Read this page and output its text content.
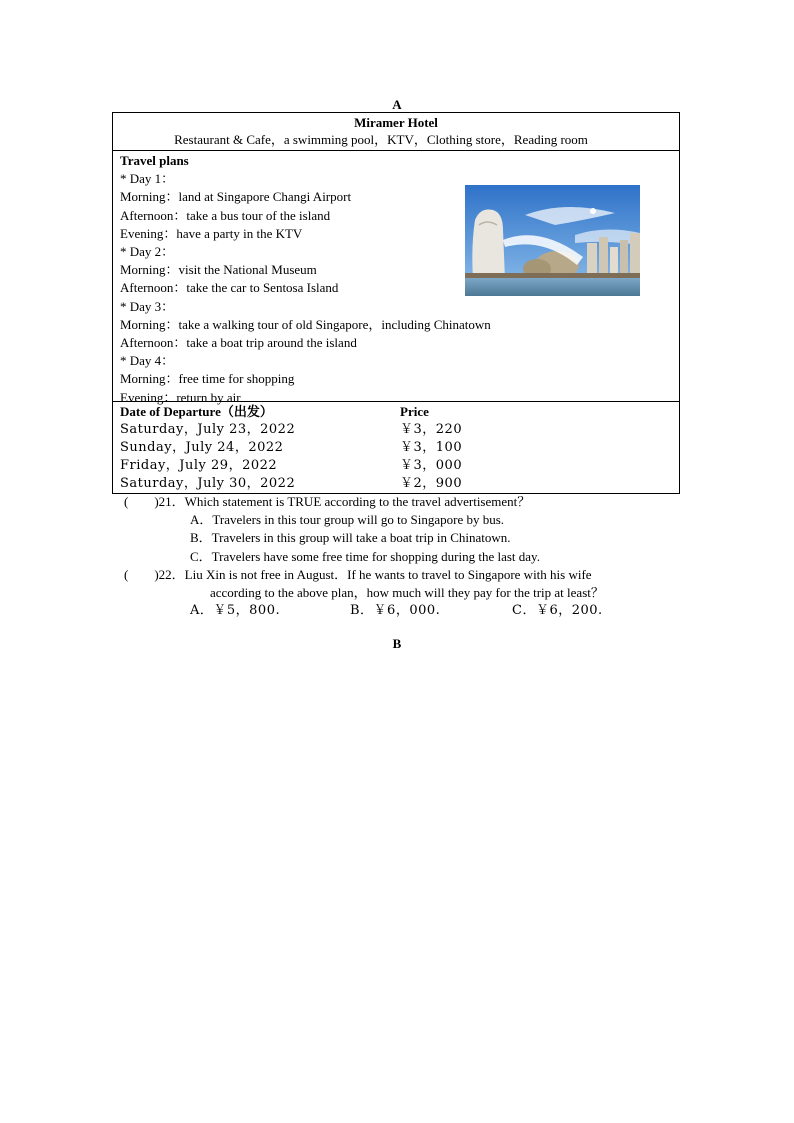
A
Miramer Hotel
Restaurant & Cafe，a swimming pool，KTV，Clothing store，Reading room
Travel plans
* Day 1：
Morning：land at Singapore Changi Airport
Afternoon：take a bus tour of the island
Evening：have a party in the KTV
* Day 2：
Morning：visit the National Museum
Afternoon：take the car to Sentosa Island
* Day 3：
Morning：take a walking tour of old Singapore，including Chinatown
Afternoon：take a boat trip around the island
* Day 4：
Morning：free time for shopping
Evening：return by air
Date of Departure（出发）	Price
Saturday，July 23，2022	￥3，220
Sunday，July 24，2022	￥3，100
Friday，July 29，2022	￥3，000
Saturday，July 30，2022	￥2，900
(　　)21．Which statement is TRUE according to the travel advertisement？
A．Travelers in this tour group will go to Singapore by bus.
B．Travelers in this group will take a boat trip in Chinatown.
C．Travelers have some free time for shopping during the last day.
(　　)22．Liu Xin is not free in August．If he wants to travel to Singapore with his wife
according to the above plan，how much will they pay for the trip at least？
A．￥5，800.	B．￥6，000.	C．￥6，200.
B
